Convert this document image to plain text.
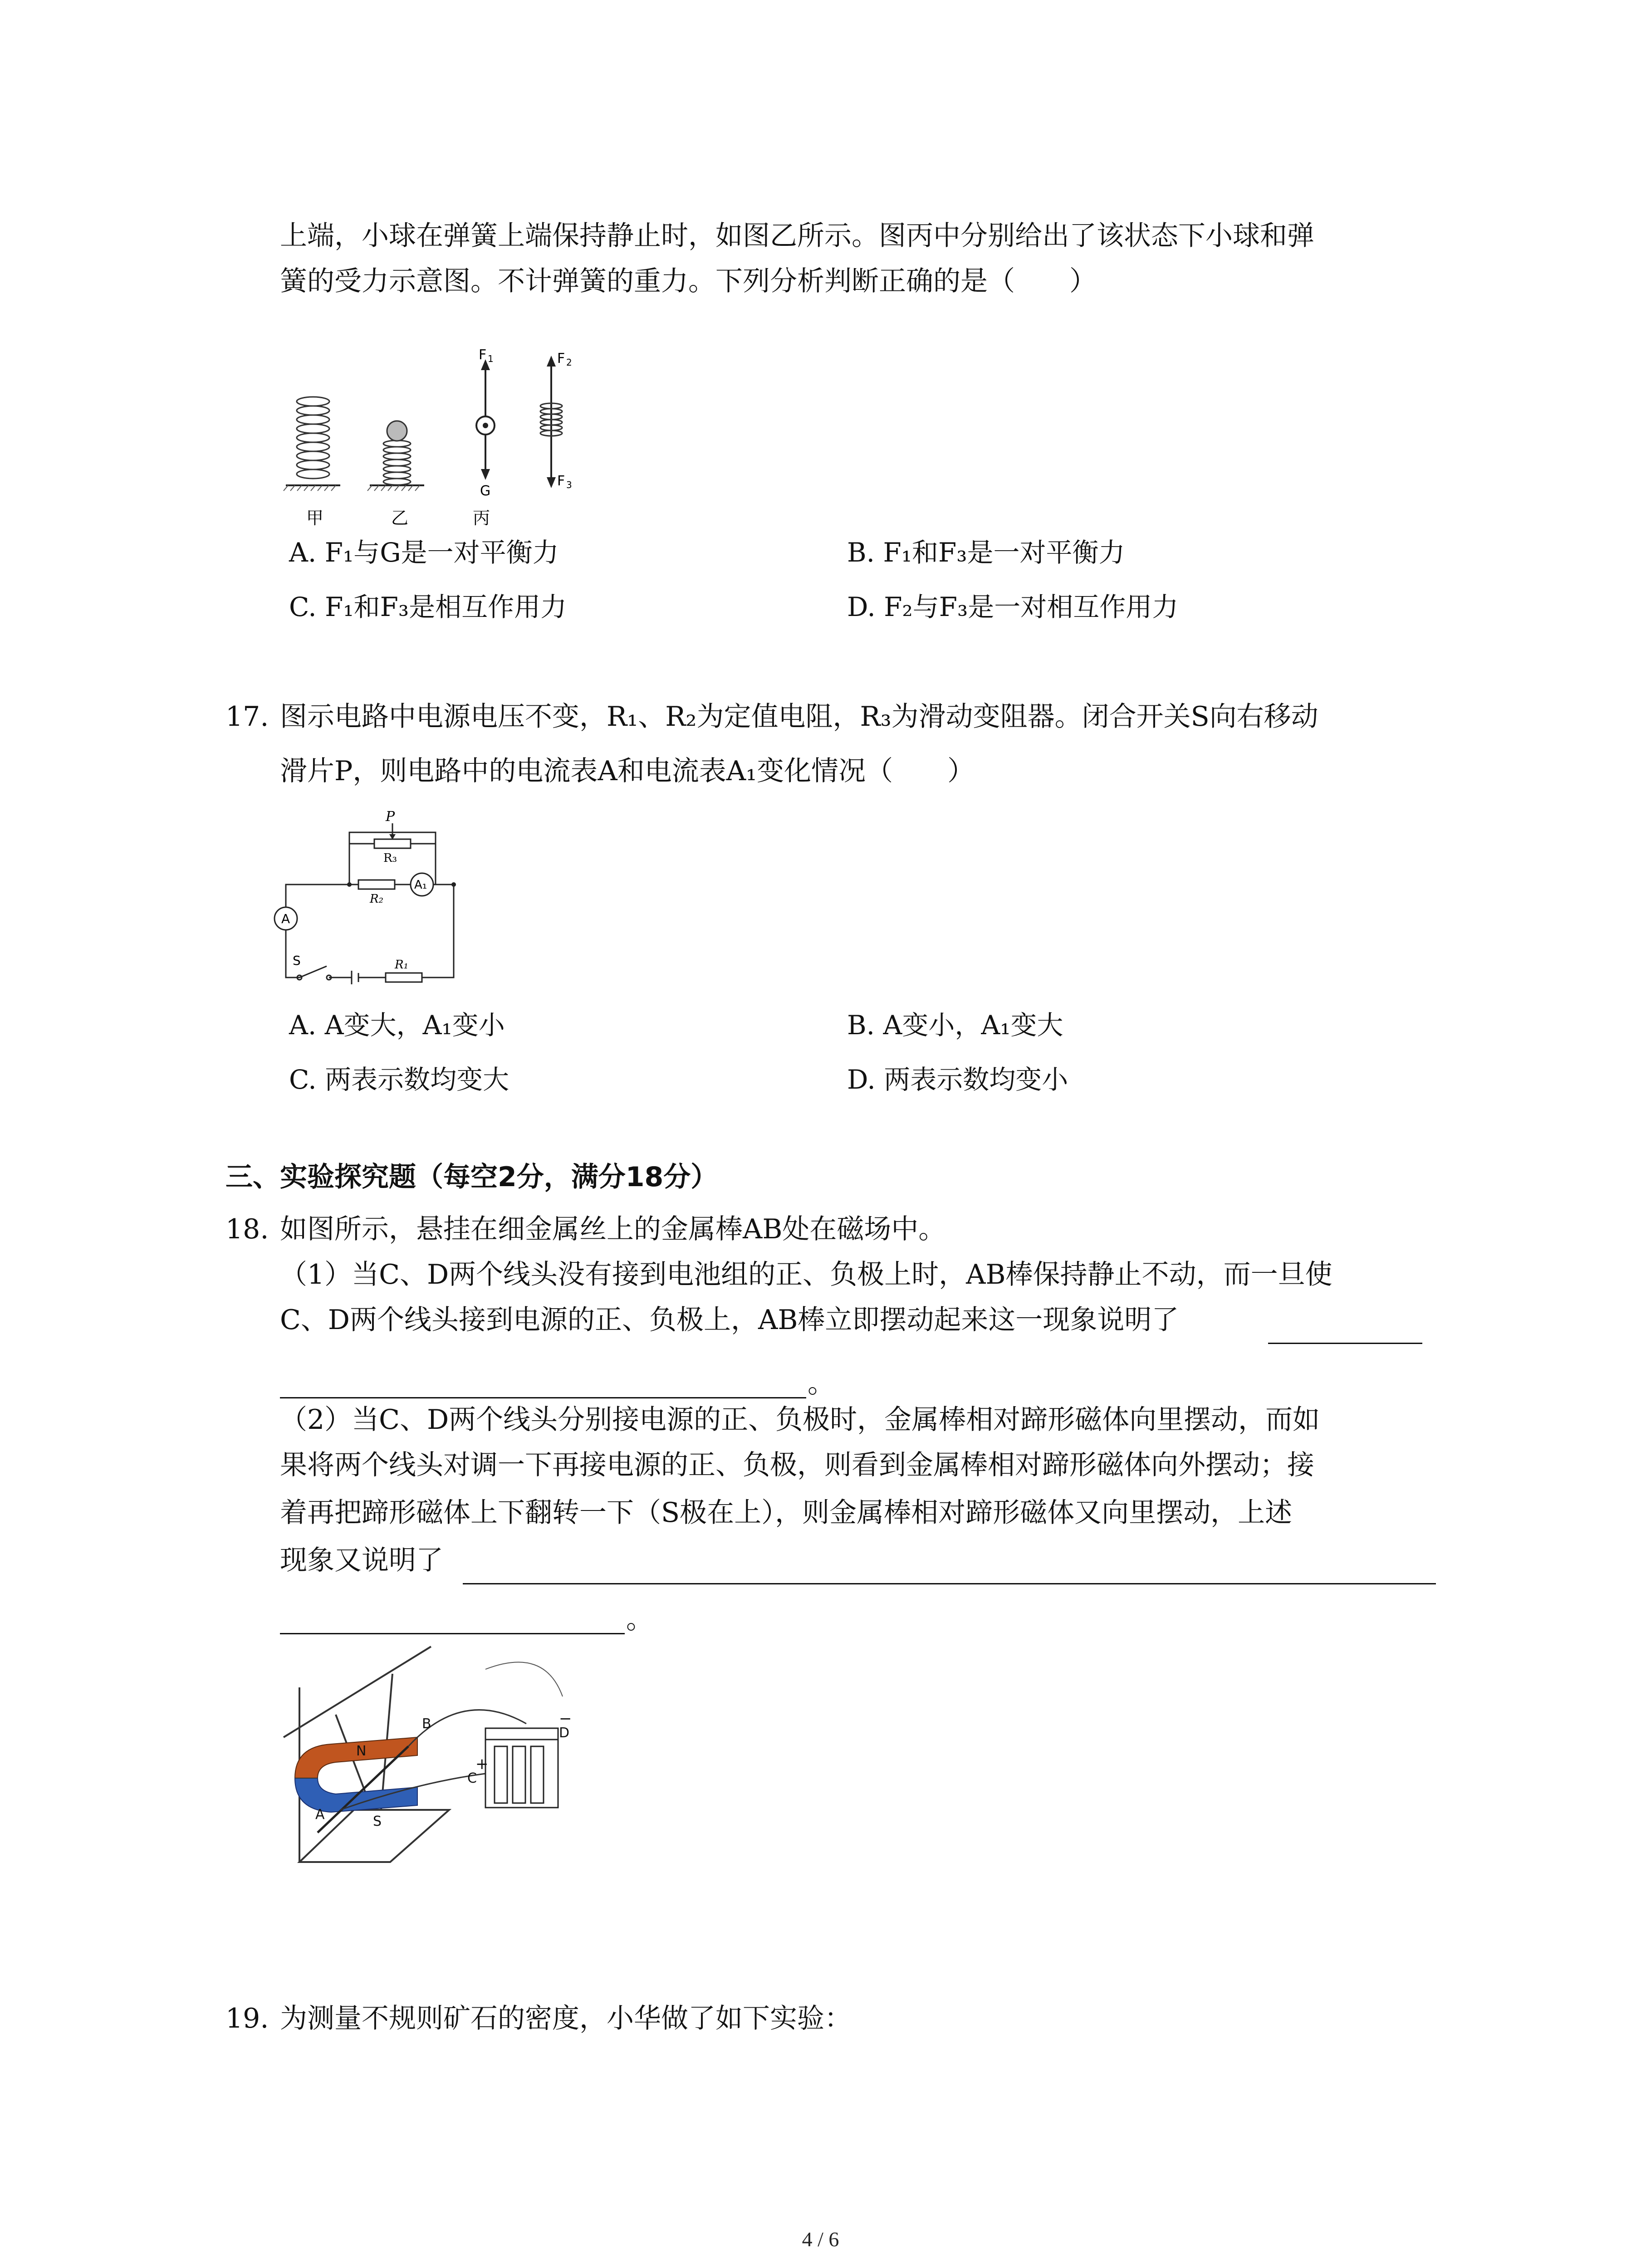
上端，小球在弹簧上端保持静止时，如图乙所示。图丙中分别给出了该状态下小球和弹
簧的受力示意图。不计弹簧的重力。下列分析判断正确的是（　　）
F 1
G
F 2
F 3
甲	乙	丙
A. F₁与G是一对平衡力	B. F₁和F₃是一对平衡力
C. F₁和F₃是相互作用力	D. F₂与F₃是一对相互作用力
17. 图示电路中电源电压不变，R₁、R₂为定值电阻，R₃为滑动变阻器。闭合开关S向右移动
滑片P，则电路中的电流表A和电流表A₁变化情况（　　）
P
R₃
R₂
A₁
A
S	R₁
A. A变大，A₁变小	B. A变小，A₁变大
C. 两表示数均变大	D. 两表示数均变小
三、实验探究题（每空2分，满分18分）
18. 如图所示，悬挂在细金属丝上的金属棒AB处在磁场中。
（1）当C、D两个线头没有接到电池组的正、负极上时，AB棒保持静止不动，而一旦使
C、D两个线头接到电源的正、负极上，AB棒立即摆动起来这一现象说明了
。
（2）当C、D两个线头分别接电源的正、负极时，金属棒相对蹄形磁体向里摆动，而如
果将两个线头对调一下再接电源的正、负极，则看到金属棒相对蹄形磁体向外摆动；接
着再把蹄形磁体上下翻转一下（S极在上），则金属棒相对蹄形磁体又向里摆动，上述
现象又说明了
。
N
S
A
B
C
D
+
−
19. 为测量不规则矿石的密度，小华做了如下实验：
4 / 6
